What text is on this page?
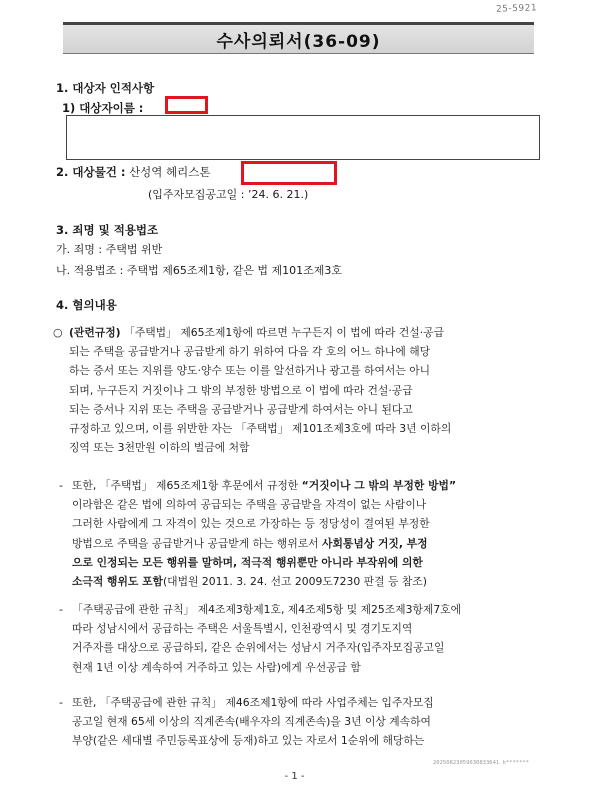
25-5921
수사의뢰서(36-09)
1. 대상자 인적사항
1) 대상자이름 :
2. 대상물건 : 산성역 헤리스톤
(입주자모집공고일 : ’24. 6. 21.)
3. 죄명 및 적용법조
가. 죄명 : 주택법 위반
나. 적용법조 : 주택법 제65조제1항, 같은 법 제101조제3호
4. 혐의내용
○ (관련규정) 「주택법」 제65조제1항에 따르면 누구든지 이 법에 따라 건설·공급
되는 주택을 공급받거나 공급받게 하기 위하여 다음 각 호의 어느 하나에 해당
하는 증서 또는 지위를 양도·양수 또는 이를 알선하거나 광고를 하여서는 아니
되며, 누구든지 거짓이나 그 밖의 부정한 방법으로 이 법에 따라 건설·공급
되는 증서나 지위 또는 주택을 공급받거나 공급받게 하여서는 아니 된다고
규정하고 있으며, 이를 위반한 자는 「주택법」 제101조제3호에 따라 3년 이하의
징역 또는 3천만원 이하의 벌금에 처함
- 또한, 「주택법」 제65조제1항 후문에서 규정한 “거짓이나 그 밖의 부정한 방법”
이라함은 같은 법에 의하여 공급되는 주택을 공급받을 자격이 없는 사람이나
그러한 사람에게 그 자격이 있는 것으로 가장하는 등 정당성이 결여된 부정한
방법으로 주택을 공급받거나 공급받게 하는 행위로서 사회통념상 거짓, 부정
으로 인정되는 모든 행위를 말하며, 적극적 행위뿐만 아니라 부작위에 의한
소극적 행위도 포함(대법원 2011. 3. 24. 선고 2009도7230 판결 등 참조)
- 「주택공급에 관한 규칙」 제4조제3항제1호, 제4조제5항 및 제25조제3항제7호에
따라 성남시에서 공급하는 주택은 서울특별시, 인천광역시 및 경기도지역
거주자를 대상으로 공급하되, 같은 순위에서는 성남시 거주자(입주자모집공고일
현재 1년 이상 계속하여 거주하고 있는 사람)에게 우선공급 함
- 또한, 「주택공급에 관한 규칙」 제46조제1항에 따라 사업주체는 입주자모집
공고일 현재 65세 이상의 직계존속(배우자의 직계존속)을 3년 이상 계속하여
부양(같은 세대별 주민등록표상에 등재)하고 있는 자로서 1순위에 해당하는
20250823059630833641 h*******
- 1 -
